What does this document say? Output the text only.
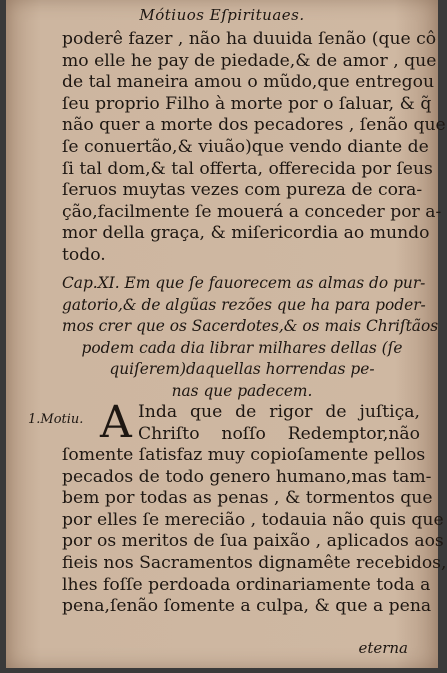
Mótiuos Eſpirituaes.
poderê fazer , não ha duuida ſenão (que cô
mo elle he pay de piedade,& de amor , que
de tal maneira amou o mũdo,que entregou
ſeu proprio Filho à morte por o ſaluar, & q̃
não quer a morte dos pecadores , ſenão que
ſe conuertão,& viuão)que vendo diante de
ſi tal dom,& tal offerta, offerecida por ſeus
ſeruos muytas vezes com pureza de cora-
ção,facilmente ſe mouerá a conceder por a-
mor della graça, & miſericordia ao mundo
todo.
Cap.XI. Em que ſe fauorecem as almas do pur-
gatorio,& de algũas rezões que ha para poder-
mos crer que os Sacerdotes,& os mais Chriſtãos
podem cada dia librar milhares dellas (ſe
quiſerem)daquellas horrendas pe-
nas que padecem.
1.Motiu. A Inda que de rigor de juſtiça,
Chriſto noſſo Redemptor,não
ſomente ſatisfaz muy copioſamente pellos
pecados de todo genero humano,mas tam-
bem por todas as penas , & tormentos que
por elles ſe merecião , todauia não quis que
por os meritos de ſua paixão , aplicados aos
fieis nos Sacramentos dignamête recebidos,
lhes foſſe perdoada ordinariamente toda a
pena,ſenão ſomente a culpa, & que a pena
eterna
